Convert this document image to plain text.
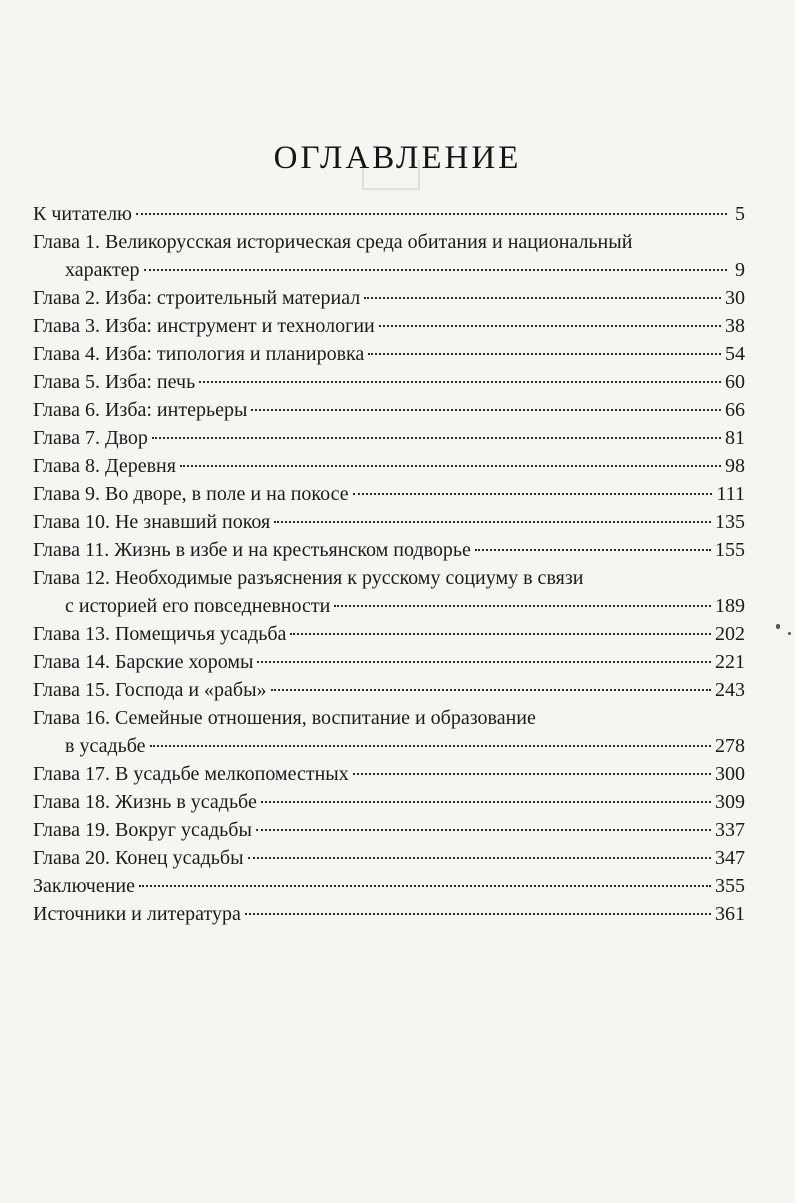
ОГЛАВЛЕНИЕ
К читателю	5
Глава 1. Великорусская историческая среда обитания и национальный
характер	9
Глава 2. Изба: строительный материал	30
Глава 3. Изба: инструмент и технологии	38
Глава 4. Изба: типология и планировка	54
Глава 5. Изба: печь	60
Глава 6. Изба: интерьеры	66
Глава 7. Двор	81
Глава 8. Деревня	98
Глава 9. Во дворе, в поле и на покосе	111
Глава 10. Не знавший покоя	135
Глава 11. Жизнь в избе и на крестьянском подворье	155
Глава 12. Необходимые разъяснения к русскому социуму в связи
с историей его повседневности	189
Глава 13. Помещичья усадьба	202
Глава 14. Барские хоромы	221
Глава 15. Господа и «рабы»	243
Глава 16. Семейные отношения, воспитание и образование
в усадьбе	278
Глава 17. В усадьбе мелкопоместных	300
Глава 18. Жизнь в усадьбе	309
Глава 19. Вокруг усадьбы	337
Глава 20. Конец усадьбы	347
Заключение	355
Источники и литература	361
